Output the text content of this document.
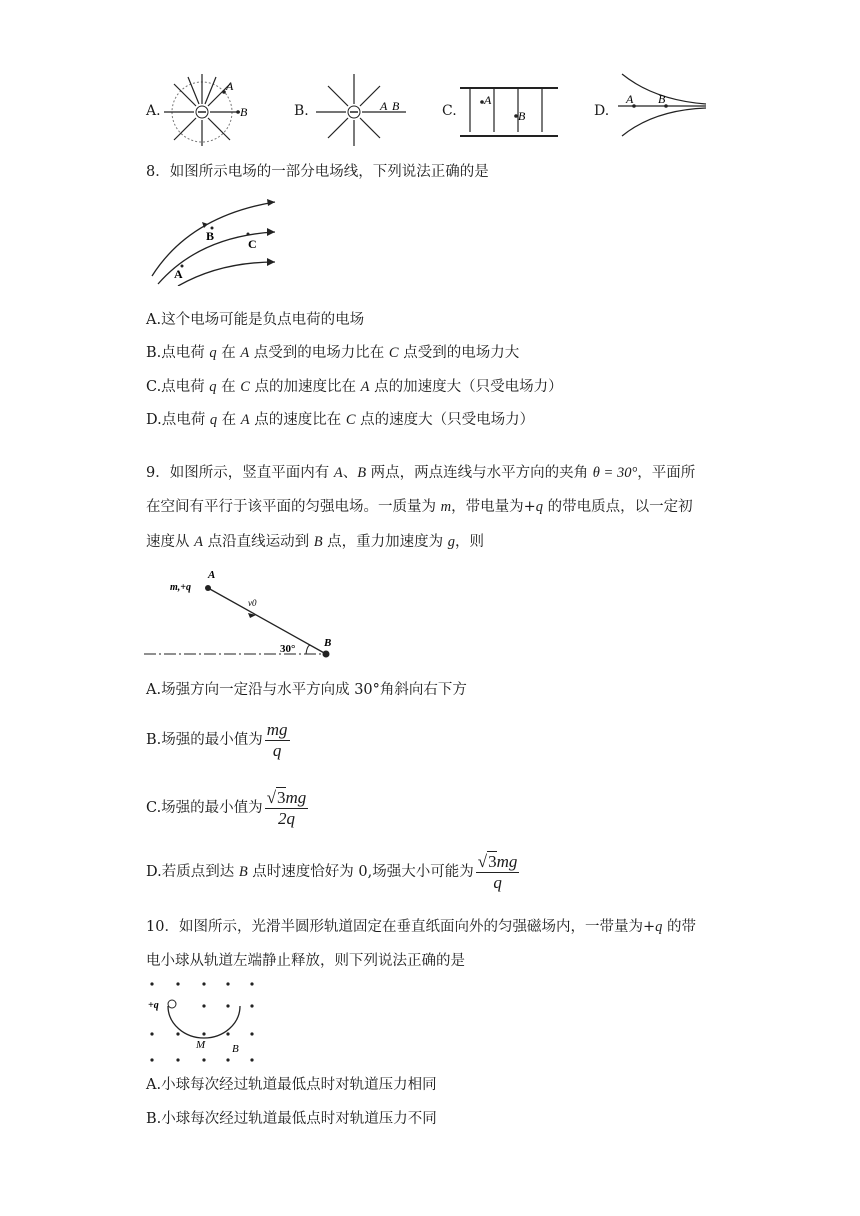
A.
A
B	B.	A B	C.
A
B	D.
A B
8．如图所示电场的一部分电场线，下列说法正确的是
B
C
A
A.这个电场可能是负点电荷的电场
B.点电荷 q 在 A 点受到的电场力比在 C 点受到的电场力大
C.点电荷 q 在 C 点的加速度比在 A 点的加速度大（只受电场力）
D.点电荷 q 在 A 点的速度比在 C 点的速度大（只受电场力）
9．如图所示，竖直平面内有 A、B 两点，两点连线与水平方向的夹角 θ = 30°，平面所
在空间有平行于该平面的匀强电场。一质量为 m，带电量为+q 的带电质点，以一定初
速度从 A 点沿直线运动到 B 点，重力加速度为 g，则
m,+q
A
v0
30°	B
A.场强方向一定沿与水平方向成 30°角斜向右下方
B.场强的最小值为 $\frac{mg}{q}$
C.场强的最小值为 $\frac{√3mg}{2q}$
D.若质点到达 B 点时速度恰好为 0,场强大小可能为 $\frac{√3mg}{q}$
10．如图所示，光滑半圆形轨道固定在垂直纸面向外的匀强磁场内，一带量为+q 的带
电小球从轨道左端静止释放，则下列说法正确的是
+q
M B
A.小球每次经过轨道最低点时对轨道压力相同
B.小球每次经过轨道最低点时对轨道压力不同
